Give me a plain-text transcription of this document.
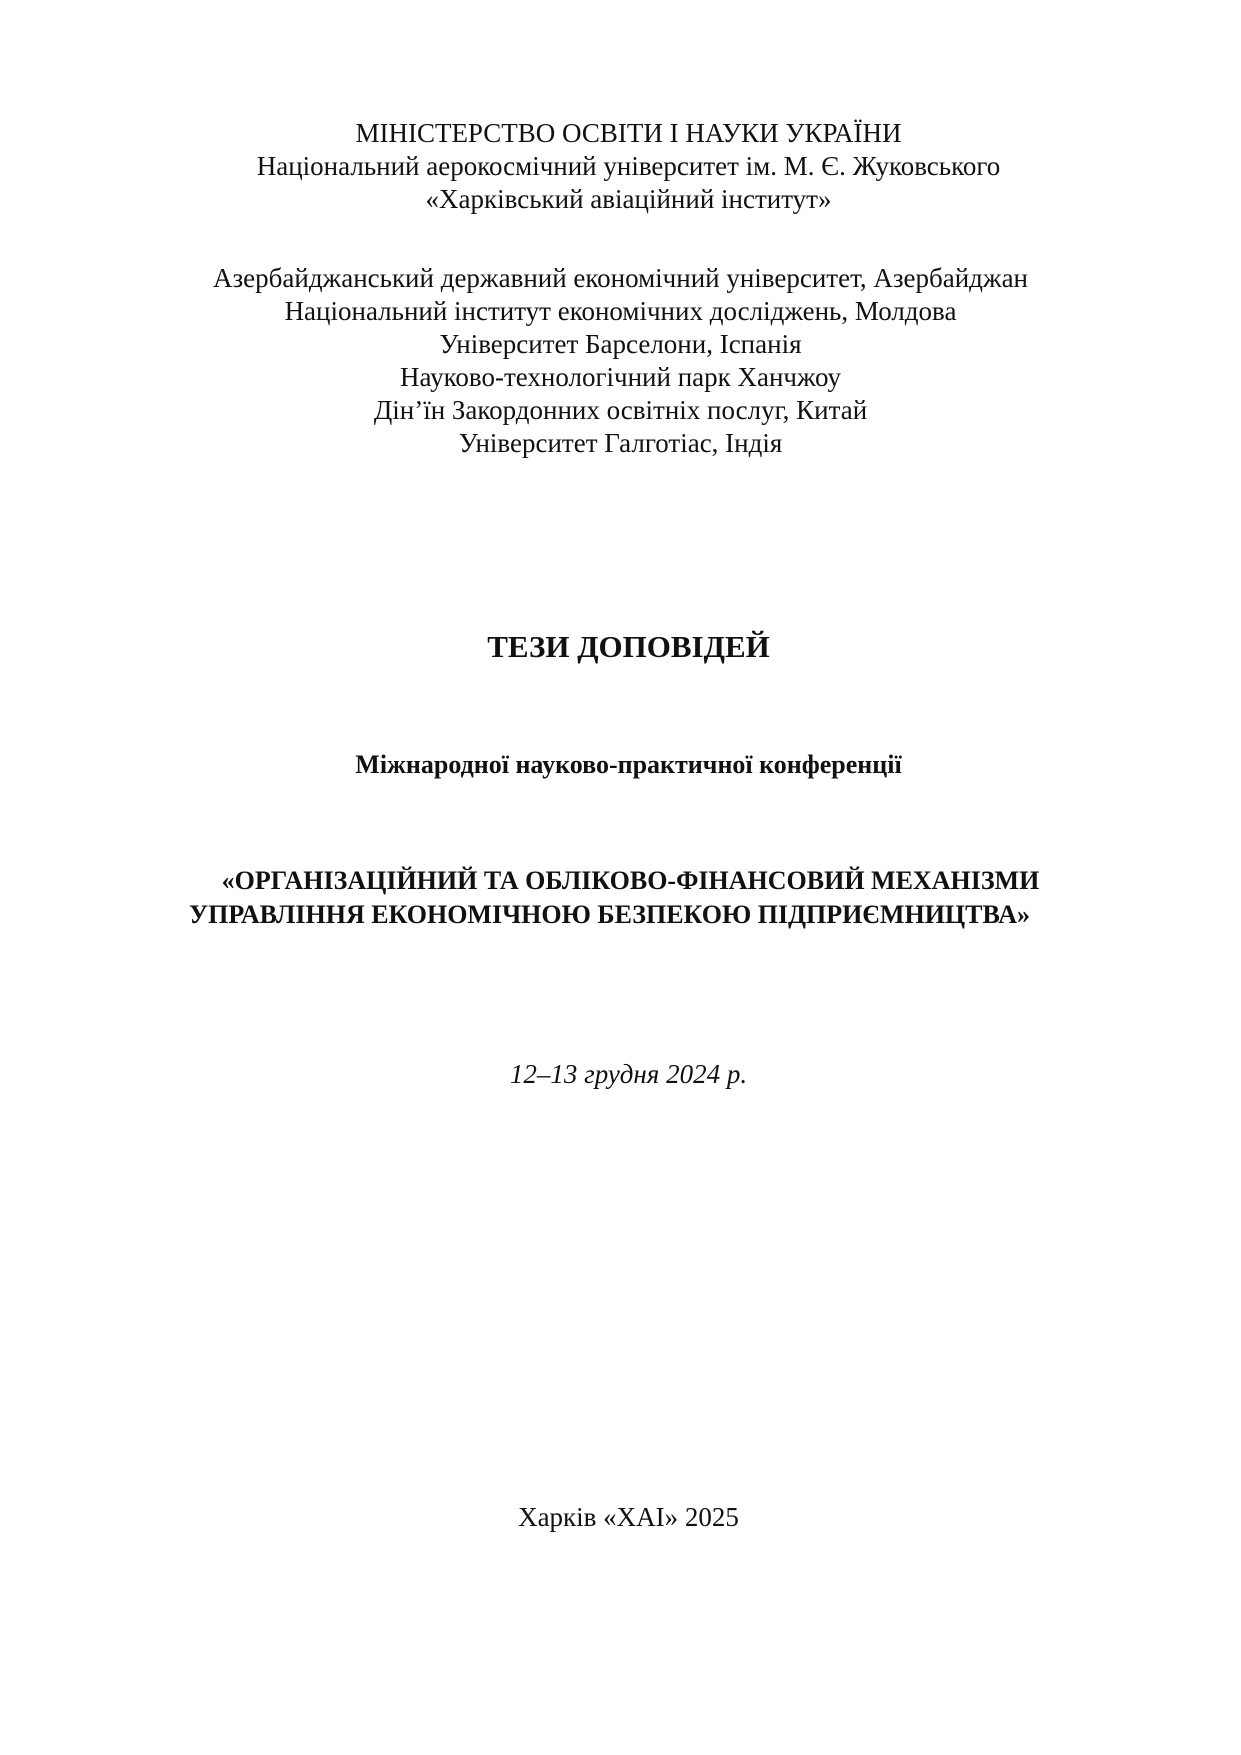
МІНІСТЕРСТВО ОСВІТИ І НАУКИ УКРАЇНИ
Національний аерокосмічний університет ім. М. Є. Жуковського
«Харківський авіаційний інститут»
Азербайджанський державний економічний університет, Азербайджан
Національний інститут економічних досліджень, Молдова
Університет Барселони, Іспанія
Науково-технологічний парк Ханчжоу
Дін’їн Закордонних освітніх послуг, Китай
Університет Галготіас, Індія
ТЕЗИ ДОПОВІДЕЙ
Міжнародної науково-практичної конференції
«ОРГАНІЗАЦІЙНИЙ ТА ОБЛІКОВО-ФІНАНСОВИЙ МЕХАНІЗМИ
УПРАВЛІННЯ ЕКОНОМІЧНОЮ БЕЗПЕКОЮ ПІДПРИЄМНИЦТВА»
12–13 грудня 2024 р.
Харків «ХАІ» 2025
